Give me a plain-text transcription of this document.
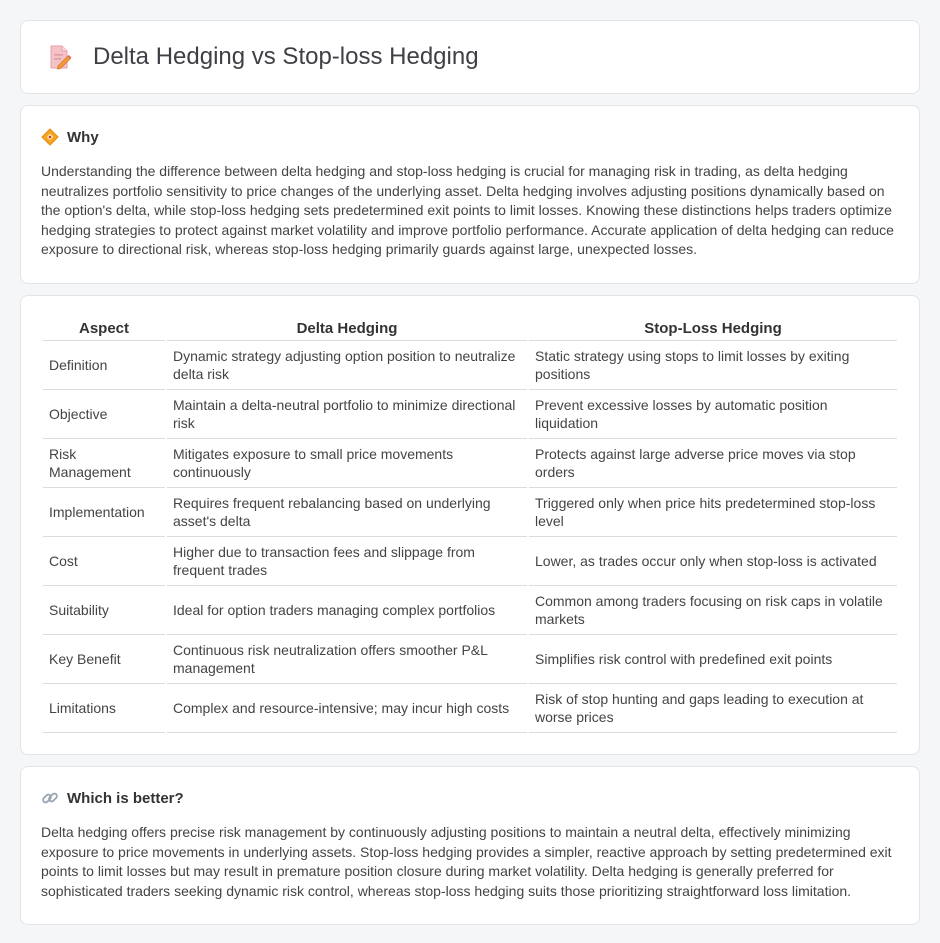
Delta Hedging vs Stop-loss Hedging
Why

Understanding the difference between delta hedging and stop-loss hedging is crucial for managing risk in trading, as delta hedging neutralizes portfolio sensitivity to price changes of the underlying asset. Delta hedging involves adjusting positions dynamically based on the option's delta, while stop-loss hedging sets predetermined exit points to limit losses. Knowing these distinctions helps traders optimize hedging strategies to protect against market volatility and improve portfolio performance. Accurate application of delta hedging can reduce exposure to directional risk, whereas stop-loss hedging primarily guards against large, unexpected losses.

Aspect	Delta Hedging	Stop-Loss Hedging
Definition	Dynamic strategy adjusting option position to neutralize delta risk	Static strategy using stops to limit losses by exiting positions
Objective	Maintain a delta-neutral portfolio to minimize directional risk	Prevent excessive losses by automatic position liquidation
Risk Management	Mitigates exposure to small price movements continuously	Protects against large adverse price moves via stop orders
Implementation	Requires frequent rebalancing based on underlying asset's delta	Triggered only when price hits predetermined stop-loss level
Cost	Higher due to transaction fees and slippage from frequent trades	Lower, as trades occur only when stop-loss is activated
Suitability	Ideal for option traders managing complex portfolios	Common among traders focusing on risk caps in volatile markets
Key Benefit	Continuous risk neutralization offers smoother P&L management	Simplifies risk control with predefined exit points
Limitations	Complex and resource-intensive; may incur high costs	Risk of stop hunting and gaps leading to execution at worse prices
Which is better?

Delta hedging offers precise risk management by continuously adjusting positions to maintain a neutral delta, effectively minimizing exposure to price movements in underlying assets. Stop-loss hedging provides a simpler, reactive approach by setting predetermined exit points to limit losses but may result in premature position closure during market volatility. Delta hedging is generally preferred for sophisticated traders seeking dynamic risk control, whereas stop-loss hedging suits those prioritizing straightforward loss limitation.
